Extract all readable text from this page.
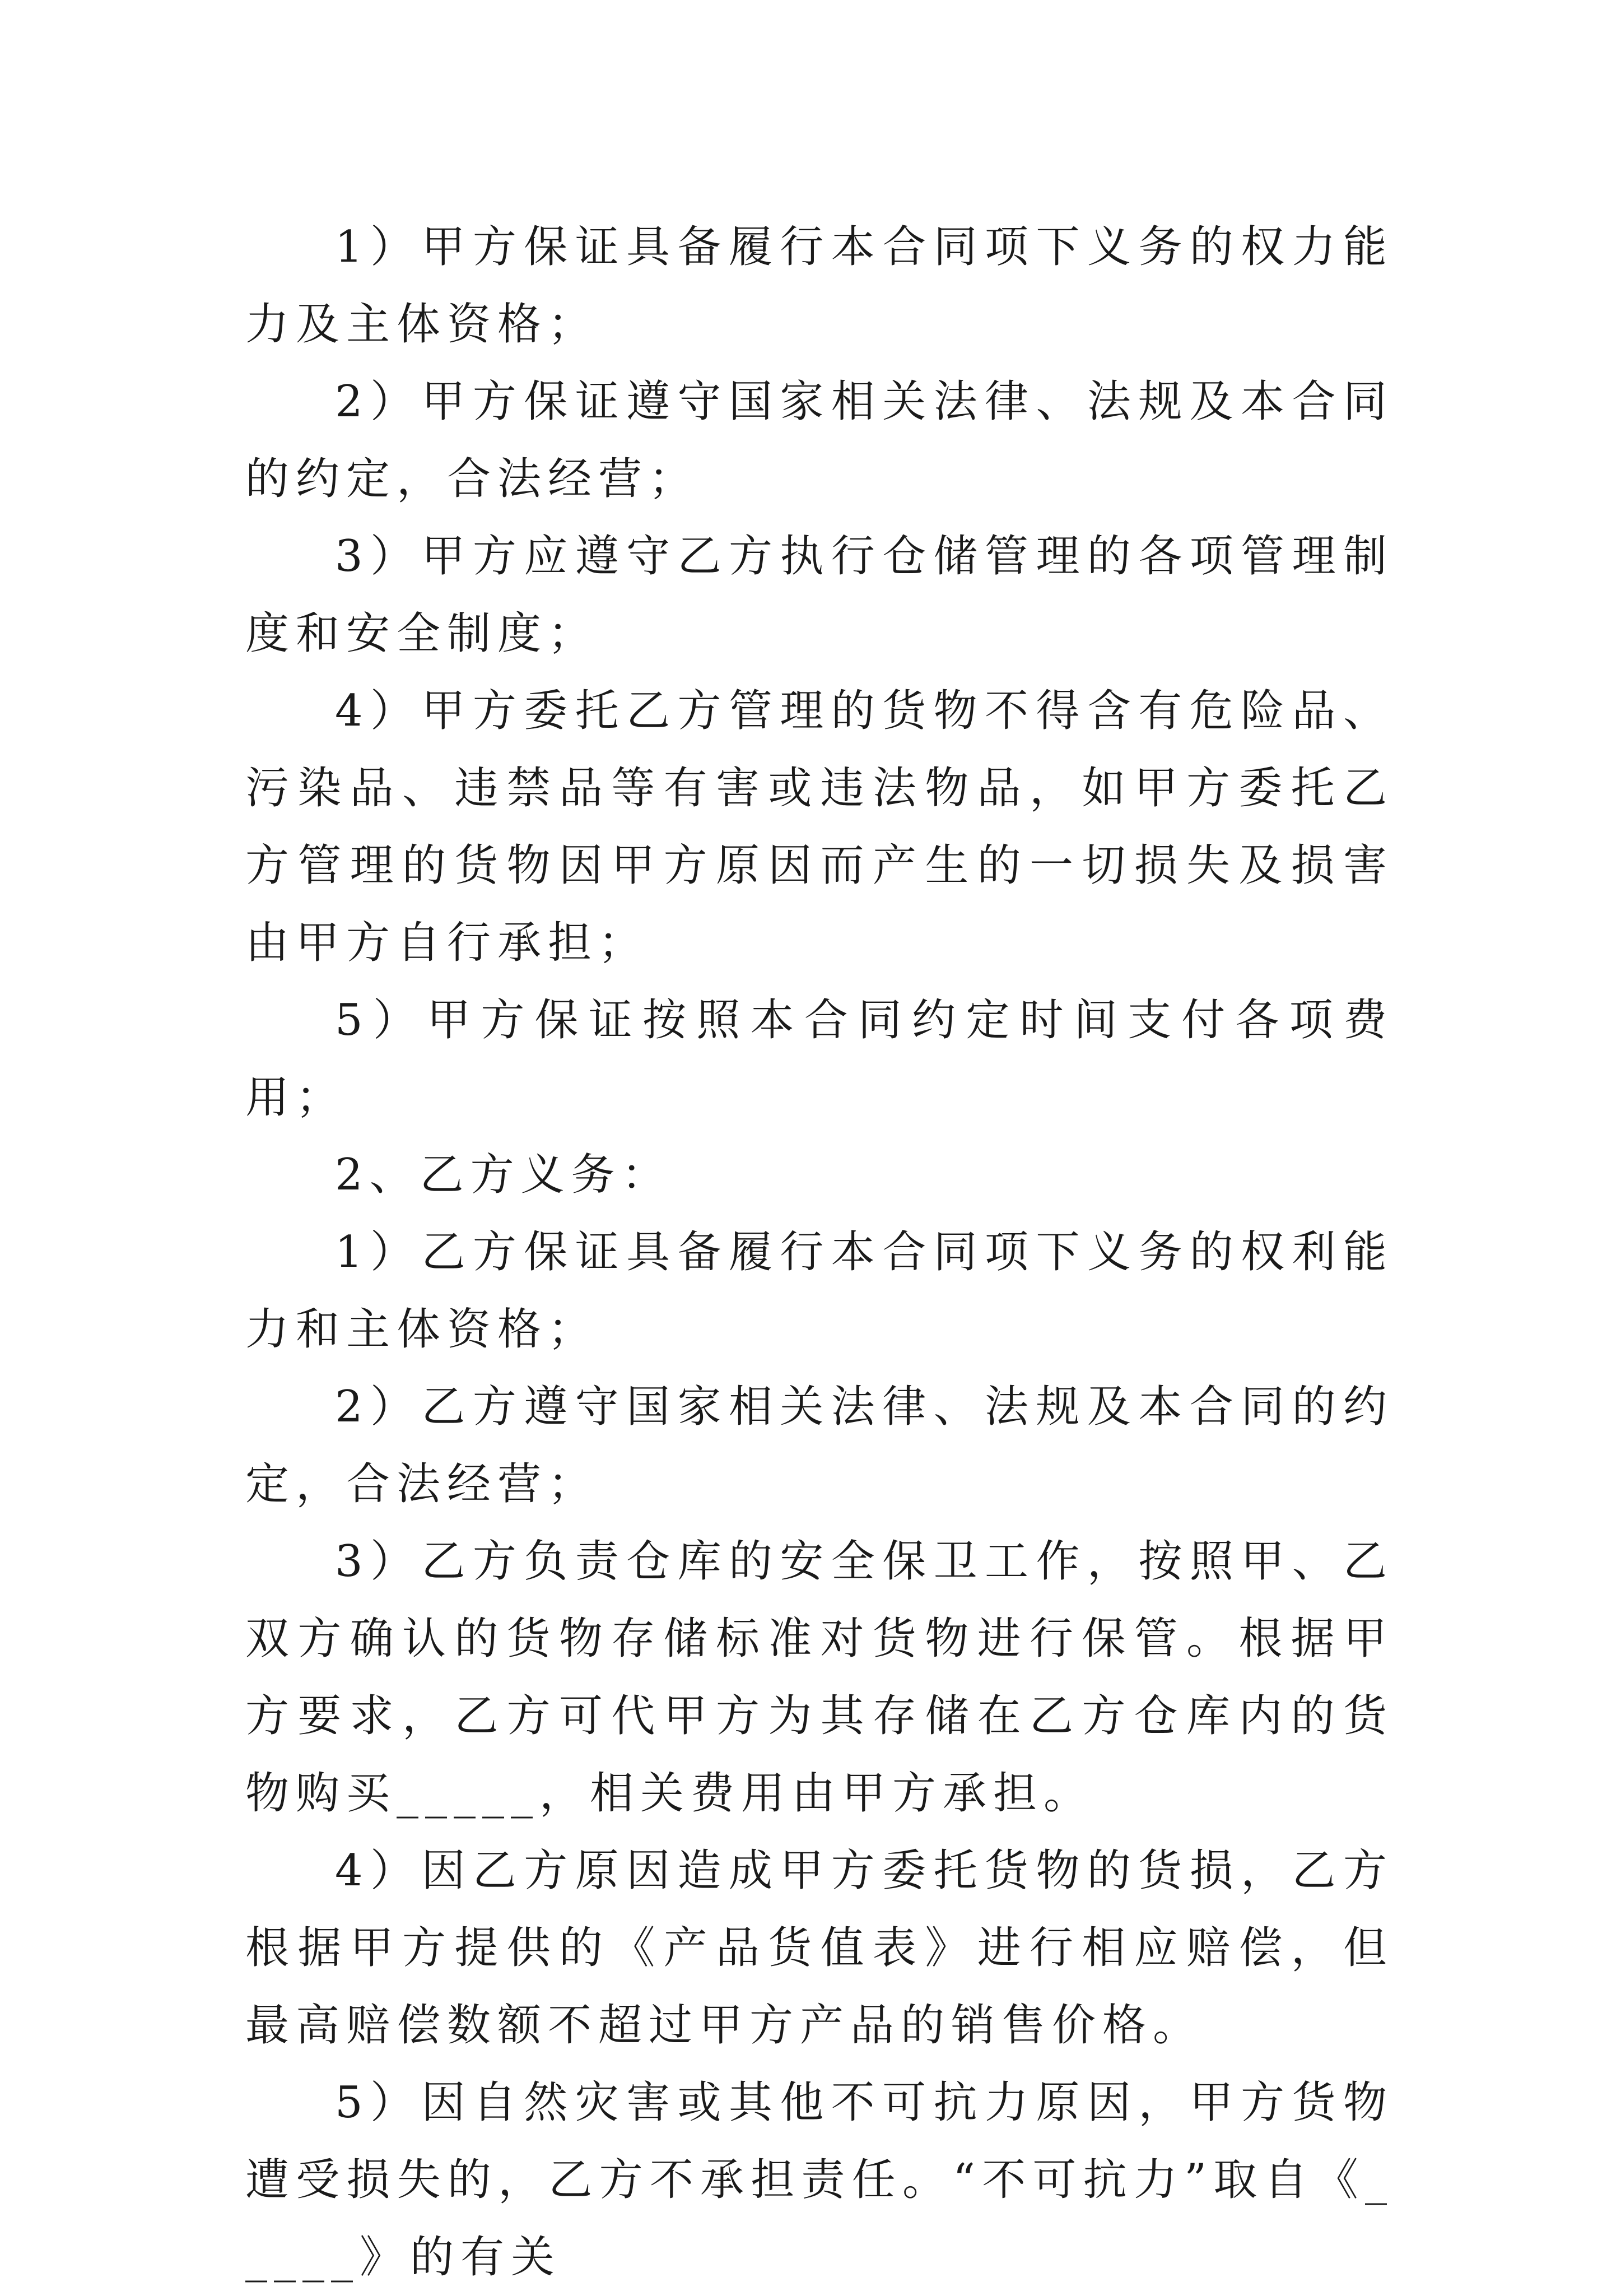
1）甲方保证具备履行本合同项下义务的权力能力及主体资格；

2）甲方保证遵守国家相关法律、法规及本合同的约定，合法经营；

3）甲方应遵守乙方执行仓储管理的各项管理制度和安全制度；

4）甲方委托乙方管理的货物不得含有危险品、污染品、违禁品等有害或违法物品，如甲方委托乙方管理的货物因甲方原因而产生的一切损失及损害由甲方自行承担；

5）甲方保证按照本合同约定时间支付各项费用；

2、乙方义务：

1）乙方保证具备履行本合同项下义务的权利能力和主体资格；

2）乙方遵守国家相关法律、法规及本合同的约定，合法经营；

3）乙方负责仓库的安全保卫工作，按照甲、乙双方确认的货物存储标准对货物进行保管。根据甲方要求，乙方可代甲方为其存储在乙方仓库内的货物购买_____，相关费用由甲方承担。

4）因乙方原因造成甲方委托货物的货损，乙方根据甲方提供的《产品货值表》进行相应赔偿，但最高赔偿数额不超过甲方产品的销售价格。

5）因自然灾害或其他不可抗力原因，甲方货物遭受损失的，乙方不承担责任。“不可抗力”取自《_____》的有关
